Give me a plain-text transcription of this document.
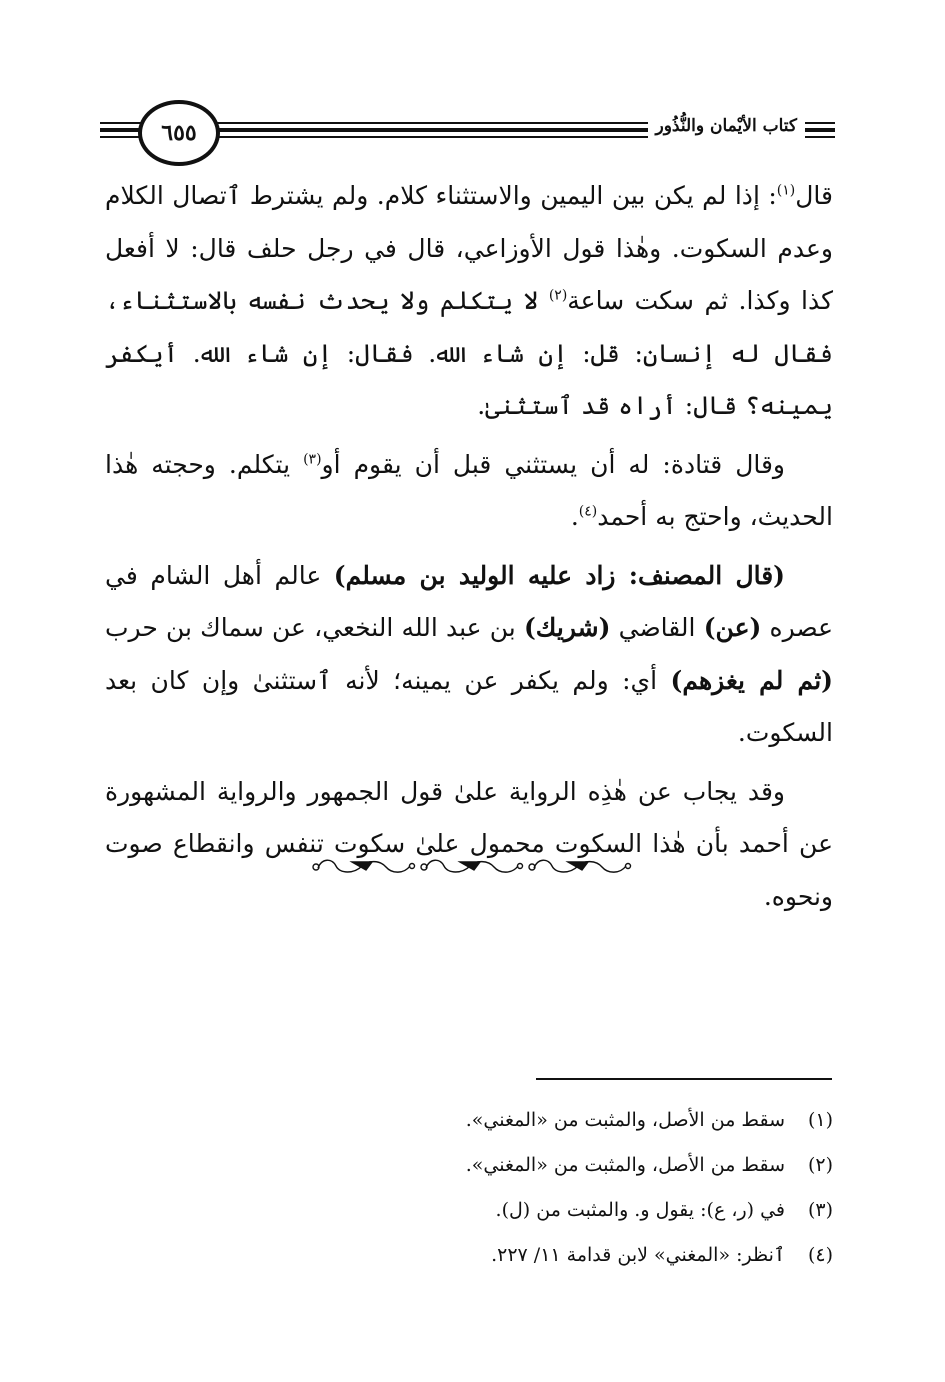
٦٥٥	كتاب الأيْمان والنُّذُور

قال$^{(١)}$: إذا لم يكن بين اليمين والاستثناء كلام. ولم يشترط ٱتصال الكلام وعدم السكوت. وهٰذا قول الأوزاعي، قال في رجل حلف قال: لا أفعل كذا وكذا. ثم سكت ساعة$^{(٢)}$ لا يتكلم ولا يحدث نفسه بالاستثناء، فقال له إنسان: قل: إن شاء الله. فقال: إن شاء الله. أيكفر يمينه؟ قال: أراه قد ٱستثنىٰ.

وقال قتادة: له أن يستثني قبل أن يقوم أو$^{(٣)}$ يتكلم. وحجته هٰذا الحديث، واحتج به أحمد$^{(٤)}$.

(قال المصنف: زاد عليه الوليد بن مسلم) عالم أهل الشام في عصره (عن) القاضي (شريك) بن عبد الله النخعي، عن سماك بن حرب (ثم لم يغزهم) أي: ولم يكفر عن يمينه؛ لأنه ٱستثنىٰ وإن كان بعد السكوت.

وقد يجاب عن هٰذِه الرواية علىٰ قول الجمهور والرواية المشهورة عن أحمد بأن هٰذا السكوت محمول علىٰ سكوت تنفس وانقطاع صوت ونحوه.

(١)
سقط من الأصل، والمثبت من «المغني».
(٢)
سقط من الأصل، والمثبت من «المغني».
(٣)
في (ر، ع): يقول و. والمثبت من (ل).
(٤)
ٱنظر: «المغني» لابن قدامة ١١/ ٢٢٧.
